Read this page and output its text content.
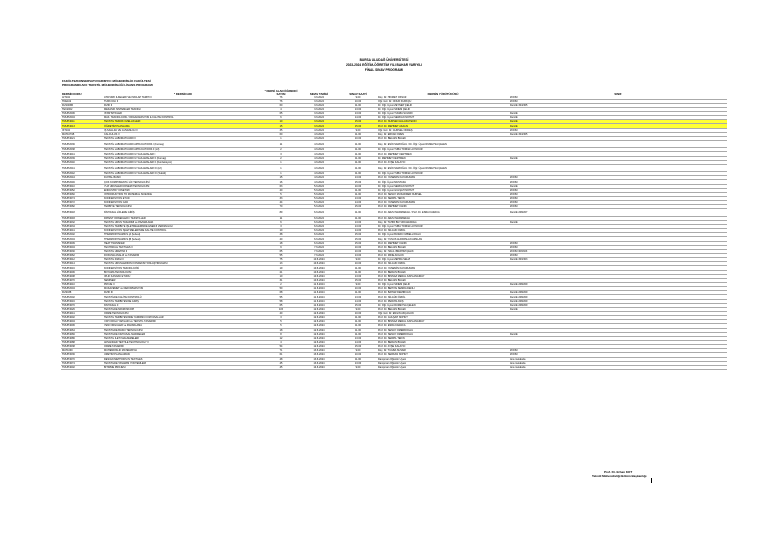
BURSA ULUDAĞ ÜNİVERSİTESİ
2023-2024 EĞİTİM-ÖĞRETİM YILI BAHAR YARIYILI
FİNAL SINAV PROGRAMI
FAKÜLTE/KONSERVATUVAR/MYO: MÜHENDİSLİK FAKÜLTESİ
PROGRAMIN ADI: TEKSTİL MÜHENDİSLİĞİ LİSANS PROGRAMI
DERSİN KODU	* DERSİN ADI	* DERSİ ALAN ÖĞRENCİ SAYISI	SINAV TARİHİ	SINAV SAATİ	DERSİN YÜRÜTÜCÜSÜ	SINIF
AIT102	ATATÜRK İLKELERİ VE İNKILAP TARİHİ II	76	3.6.2024	9.00	Doç. Dr. HİKMET ÖKSÜZ	ZOOM
TDE102	TÜRK DİLİ II	76	3.6.2024	10.00	Öğr. Gör. Dr. ONUR KÜRKÇÜ	ZOOM
FIZ1003B	FİZİK II	60	3.6.2024	11.00	Dr. Öğr. Üyesi ZEYNEP ÇELİK	Derslik 304/305
TEK2002	MEKANİK SİSTEMLER TEKNİĞİ	4	3.6.2024	13.00	Dr. Öğr. Üyesi SİNEM ÇELİK	
TMUH2006	ISTATİSTİKLER	65	3.6.2024	13.00	Dr. Öğr. Üyesi TUĞBA SÜVARİ	Derslik
TMUH2004	MAK. TEKNOLOJİSİ / ORGANİZASYON & KALİTE KONTROL	6	3.6.2024	14.00	Dr. Öğr. Üyesi SERKAN NOHUT	Derslik
TMUH4011	TEKSTİL TEKNİK ÖZELLİKLERİ	10	3.6.2024	15.00	Prof. Dr. NURSEN AĞLASUTEKİN	Derslik
TMUH4013	ÖĞRETİM PLANLAMA	15	3.6.2024	15.00	Prof. Dr. MEHMET AKALIN	Derslik
IKT102	İŞ SAĞLIĞI VE GÜVENLİĞİ II	35	4.6.2024	9.00	Öğr. Gör. Dr. GÜRSEL ÖNDEŞ	ZOOM
MAT1071B	CALCULUS II	60	4.6.2024	11.00	Doç. Dr. ERKAN ÖZEN	Derslik 304/305
TMUH4021	TEKSTİL LABORATUVARI II	1	4.6.2024	10.00	Prof. Dr. BELGİN BÜLEK	
TMUH2036	TEKSTİL LABORATUVARI APPLICATIONS I (Kumaş)	11	4.6.2024	11.00	Doç. Dr. ESİN SARIOĞLU / Dr. Öğr. Üyesi RUMEYSA ÇELEN	
TMUH2038	TEKSTİL LABORATUVARI APPLICATIONS II (Lif)	2	4.6.2024	11.00	Dr. Öğr. Üyesi TUBA TORNA LAYNOUR	
TMUH4041	TEKSTİL LABORATUVARI UYGULAMALARI I	3	4.6.2024	11.00	Prof. Dr. MEHMET KERTMEN	
TMUH2039	TEKSTİL LABORATUVARI UYGULAMALARI II (Kumaş)	2	4.6.2024	11.00	Dr. MEHMET KERTMEN	Derslik
TMUH2040	TEKSTİL LABORATUVARI UYGULAMALARI II (Konfeksiyon)	1	4.6.2024	11.00	Prof. Dr. AYŞE KALAYCI	
TMUH2041	TEKSTİL LABORATUVARI UYGULAMALARI III (Lif)	1	4.6.2024	11.00	Doç. Dr. ESİN SARIOĞLU / Dr. Öğr. Üyesi RUMEYSA ÇELEN	
TMUH2042	TEKSTİL LABORATUVARI UYGULAMALARI III (Tekstil)	1	4.6.2024	11.00	Dr. Öğr. Üyesi TUBA TORNA LAYNOUR	
TMUH2044	DİJİTAL BASKI	15	4.6.2024	13.00	Prof. Dr. YASEMİN KAYADUMAN	ZOOM
TMUH2046	ÇOK KOMPONENTLİ LİF TEKNOLOJİSİ	16	4.6.2024	15.00	Dr. Öğr. Üyesi MUSTAFA	ZOOM
TMUH3010	YÜZ ÜRÜNLER DÖNEMİ TEKNOLOJİSİ	63	5.6.2024	10.00	Dr. Öğr. Üyesi SERKAN NOHUT	Derslik
TMUH3052	ENDÜSTRİ YÖNETİMİ	40	5.6.2024	11.00	Dr. Öğr. Üyesi GÜLŞAH NOHUT	ZOOM
TMUH3060	İNTRODUCTION TO MATERIAL SCIENCE	5	5.6.2024	11.00	Prof. Dr. SENAY MUKADDER NURSEL	ZOOM
TMUH3074	KONFEKSİYON ETÜD	33	5.6.2024	13.00	Prof. Dr. SERPİL TEKİN	ZOOM
TMUH3072	KONFEKSİYON CAD	44	5.6.2024	14.00	Prof. Dr. YASEMİN KAYADUMAN	ZOOM
TMUH3082	TERBİYE TEKNOLOJİSİ	70	5.6.2024	15.00	Prof. Dr. MEHMET KANIK	ZOOM
TMUH3018	KİMYASAL LİFLERE GİRİŞ	89	6.6.2024	11.00	Prof. Dr. ARZU MARMARALI / Prof. Dr. ESRA KARACA	Derslik 208/207
TMUH3093	PATENT ÖRNEKLERİ / TEKSTİLLER	11	6.6.2024	11.00	Prof. Dr. ARZU MARMARALI	
TMUH4032	TEKSTİL ÜRÜN TASARIMI ve PAZARLAMA	6	6.6.2024	13.00	Doç. Dr. TAHİR BÜYÜKKARADAĞ	Derslik
TMUH4034	TEKSTİL TERBİYE İŞLETMELERİNDE ENERJİ VERİMLİLİĞİ	3	6.6.2024	13.00	Dr. Öğr. Üyesi TUBA TORNA LAYNOUR	
TMUH4041	KONFEKSİYON İŞLETMELERİNDE KALİTE KONTROL	10	6.6.2024	14.00	Prof. Dr. NİLGÜN ÖZDİL	
TMUH2002	THERMODYNAMICS (A Şubesi)	38	6.6.2024	15.00	Dr. Öğr. Üyesi BURAK ÖZBELLİOĞLU	
TMUH2004	THERMODYNAMICS (B Şubesi)	40	6.6.2024	15.00	Doç. Dr. YUNUS ALPARSLAN ARSLAN	
TMUH3009	HEAT TRANSFER	18	6.6.2024	15.00	Prof. Dr. MEHMET KANIK	ZOOM
TMUH3004	TECHNICAL TEXTILES II	9	7.6.2024	10.00	Prof. Dr. BELGİN BÜLEK	ZOOM
TMUH3030	TEKSTİL ÜRETİMİ II	65	7.6.2024	10.00	Doç. Dr. HALİL İBRAHİM ÇELİK	ZOOM 303/303
TMUH3062	DOKUMA ANALİZ ve TASARIM	55	7.6.2024	13.00	Prof. Dr. MİNE AKGÜN	ZOOM
TMUH3012	TEKSTİL FİZİĞİ II	75	10.6.2024	9.00	Dr. Öğr. Üyesi ZEHRA SELVİ	Derslik 303/303
TMUH3014	TEKSTİL ÜRÜNLERİNİN KONFEKSİYONLAŞTIRILMASI	13	10.6.2024	10.00	Prof. Dr. NİLGÜN ÖZDİL	
TMUH3016	KONFEKSİYON TEKNOLOJİSİ	19	10.6.2024	11.00	Prof. Dr. YASEMİN KAYADUMAN	
TMUH4006	BOYAMA TEKNOLOJİSİ	21	10.6.2024	11.00	Prof. Dr. BERLİN BÜLEK	
TMUH4008	İPLİK KASNAK ETÜDÜ	10	10.6.2024	13.00	Prof. Dr. BİNNAZ MERAL KAPLANGİRAY	
TMUH4070	SEMİNER	31	10.6.2024	15.00	Prof. Dr. BELGİN BÜLEK	
TMUH4010	PROJE II	2	11.6.2024	9.00	Dr. Öğr. Üyesi SİNEM ÇELİK	Derslik 208/209
TMUH2004	MUKAVEMET ve DEFORMASYON	50	11.6.2024	10.00	Prof. Dr. BEHİYE SEMRA DENLİ	
FIZ2038	FİZİK III	68	11.6.2024	11.00	Prof. Dr. BAHAR DEMİRCAN	Derslik 208/209
TMUH2002	TEKSTİLDE KALİTE KONTROLÜ	55	11.6.2024	13.00	Prof. Dr. NİLGÜN ÖZDİL	Derslik 208/209
TMUH3016	TEKSTİL TERBİYESİNE GİRİŞ	58	11.6.2024	14.00	Prof. Dr. PERVİN ANİŞ	Derslik 208/209
TMUH3070	KİMYASAL II	65	11.6.2024	15.00	Dr. Öğr. Üyesi RUMEYSA ÇELEN	Derslik 208/209
TMUH3026	TEKSTİLDE MİKROSKOPİ	115	12.6.2024	9.00	Prof. Dr. BELGİN BÜLEK	Derslik
TMUH4041	ÖRME TEKNOLOJİSİ	40	12.6.2024	10.00	Öğr. Gör. Dr. ENGİN AKÇAGÜN	
TMUH4002	TEKSTİL TERBİYESİNDE YARDIMCI KİMYASALLAR	3	12.6.2024	11.00	Prof. Dr. GÜLŞAH NOHUT	
TMUH4004	YAPI ÖRGÜ YAPILARI ve TEKSTİL TASARIMI	5	12.6.2024	11.00	Prof. Dr. BİNNAZ MERAL KAPLANGİRAY	
TMUH4006	YENİ ÖRGÜLER ve PAZARLAMA	5	12.6.2024	11.00	Prof. Dr. ESRA KARACA	
TMUH4064	TEKSTİLDE BASKI TEKNOLOJİSİ	18	12.6.2024	11.00	Prof. Dr. SENAY ÖMERDOĞLU	
TMUH4066	TEKSTİLDE KİMYASAL MADDELER	8	12.6.2024	11.00	Prof. Dr. SENAY ÖMERDOĞLU	Derslik
TMUH4086	TEKSTİL İLETİ MALZEMELERİ	12	12.6.2024	13.00	Prof. Dr. SERPİL TEKİN	
TMUH4088	ADVANCED TEXTILE TECHNOLOGY II	4	12.6.2024	14.00	Prof. Dr. BERLİN BÜLEK	
TMUH3038	ÖRME TASARIMI	54	12.6.2024	15.00	Prof. Dr. AYŞE KALAYCI	
MAT1090	MÜHENDİSLİK MATEMATİĞİ	71	13.6.2024	9.00	Doç. Dr. TUĞBA SÜVARİ	ZOOM
TMUH3036	ÜRETİM PLANLAMASI	61	13.6.2024	10.00	Prof. Dr. SERKAN NOHUT	ZOOM
TMUH3070	DESIGN METHODS IN TEXTILES	48	13.6.2024	11.00	Danışman Öğretim Üyesi	Ana mekânda
TMUH3074	TEKSTİLDE TASARIM YÖNTEMLERİ	45	13.6.2024	13.00	Danışman Öğretim Üyesi	Ana mekânda
TMUH4002	BİTİRME PROJESİ	45	14.6.2024	9.00	Danışman Öğretim Üyesi	Ana mekânda
Prof. Dr. Erhan KOT
Tekstil Mühendisliği Bölüm Başkanlığı
